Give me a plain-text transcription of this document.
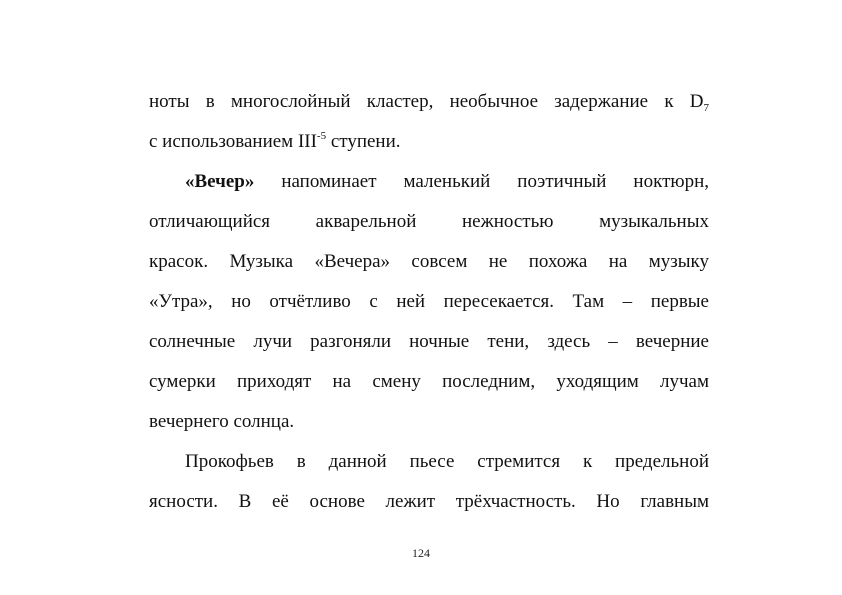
ноты в многослойный кластер, необычное задержание к $D_7$
с использованием $III^{-5}$ ступени.
«Вечер» напоминает маленький поэтичный ноктюрн,
отличающийся акварельной нежностью музыкальных
красок. Музыка «Вечера» совсем не похожа на музыку
«Утра», но отчётливо с ней пересекается. Там – первые
солнечные лучи разгоняли ночные тени, здесь – вечерние
сумерки приходят на смену последним, уходящим лучам
вечернего солнца.
Прокофьев в данной пьесе стремится к предельной
ясности. В её основе лежит трёхчастность. Но главным
124
